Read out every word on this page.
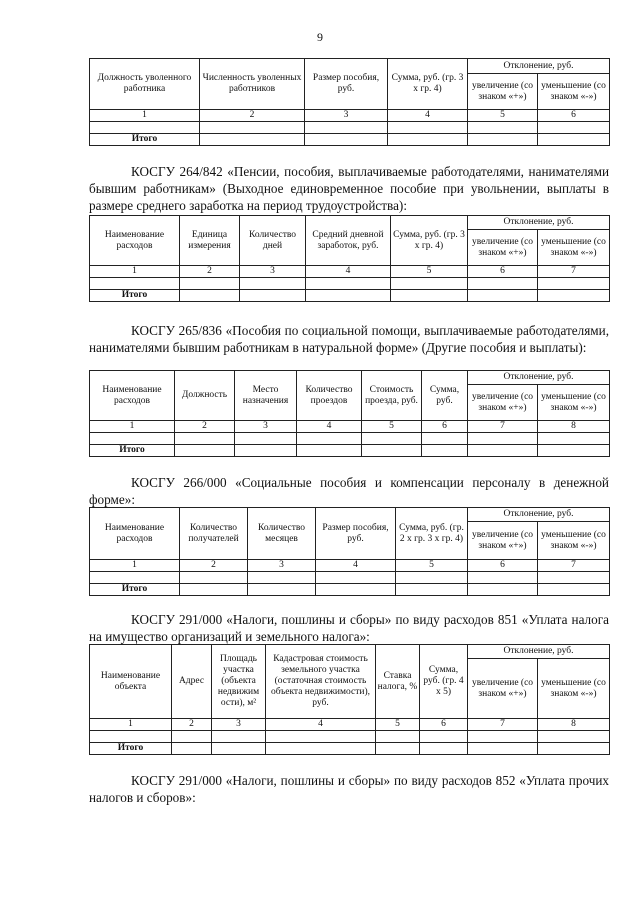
9
Должность уволенного работника	Численность уволенных работников	Размер пособия, руб.	Сумма, руб. (гр. 3 х гр. 4)	Отклонение, руб.	
				увеличение (со знаком «+»)	уменьшение (со знаком «-»)
1	2	3	4	5	6

Итого					

КОСГУ 264/842 «Пенсии, пособия, выплачиваемые работодателями, нанимателями бывшим работникам» (Выходное единовременное пособие при увольнении, выплаты в размере среднего заработка на период трудоустройства):

Наименование расходов	Единица измерения	Количество дней	Средний дневной заработок, руб.	Сумма, руб. (гр. 3 х гр. 4)	Отклонение, руб.	
					увеличение (со знаком «+»)	уменьшение (со знаком «-»)
1	2	3	4	5	6	7

Итого						

КОСГУ 265/836 «Пособия по социальной помощи, выплачиваемые работодателями, нанимателями бывшим работникам в натуральной форме» (Другие пособия и выплаты):

Наименование расходов	Должность	Место назначения	Количество проездов	Стоимость проезда, руб.	Сумма, руб.	Отклонение, руб.	
						увеличение (со знаком «+»)	уменьшение (со знаком «-»)
1	2	3	4	5	6	7	8

Итого							

КОСГУ 266/000 «Социальные пособия и компенсации персоналу в денежной форме»:

Наименование расходов	Количество получателей	Количество месяцев	Размер пособия, руб.	Сумма, руб. (гр. 2 х гр. 3 х гр. 4)	Отклонение, руб.	
					увеличение (со знаком «+»)	уменьшение (со знаком «-»)
1	2	3	4	5	6	7

Итого						

КОСГУ 291/000 «Налоги, пошлины и сборы» по виду расходов 851 «Уплата налога на имущество организаций и земельного налога»:

Наименование объекта	Адрес	Площадь участка (объекта недвижим ости), м²	Кадастровая стоимость земельного участка (остаточная стоимость объекта недвижимости), руб.	Ставка налога, %	Сумма, руб. (гр. 4 х 5)	Отклонение, руб.	
						увеличение (со знаком «+»)	уменьшение (со знаком «-»)
1	2	3	4	5	6	7	8

Итого							

КОСГУ 291/000 «Налоги, пошлины и сборы» по виду расходов 852 «Уплата прочих налогов и сборов»:
